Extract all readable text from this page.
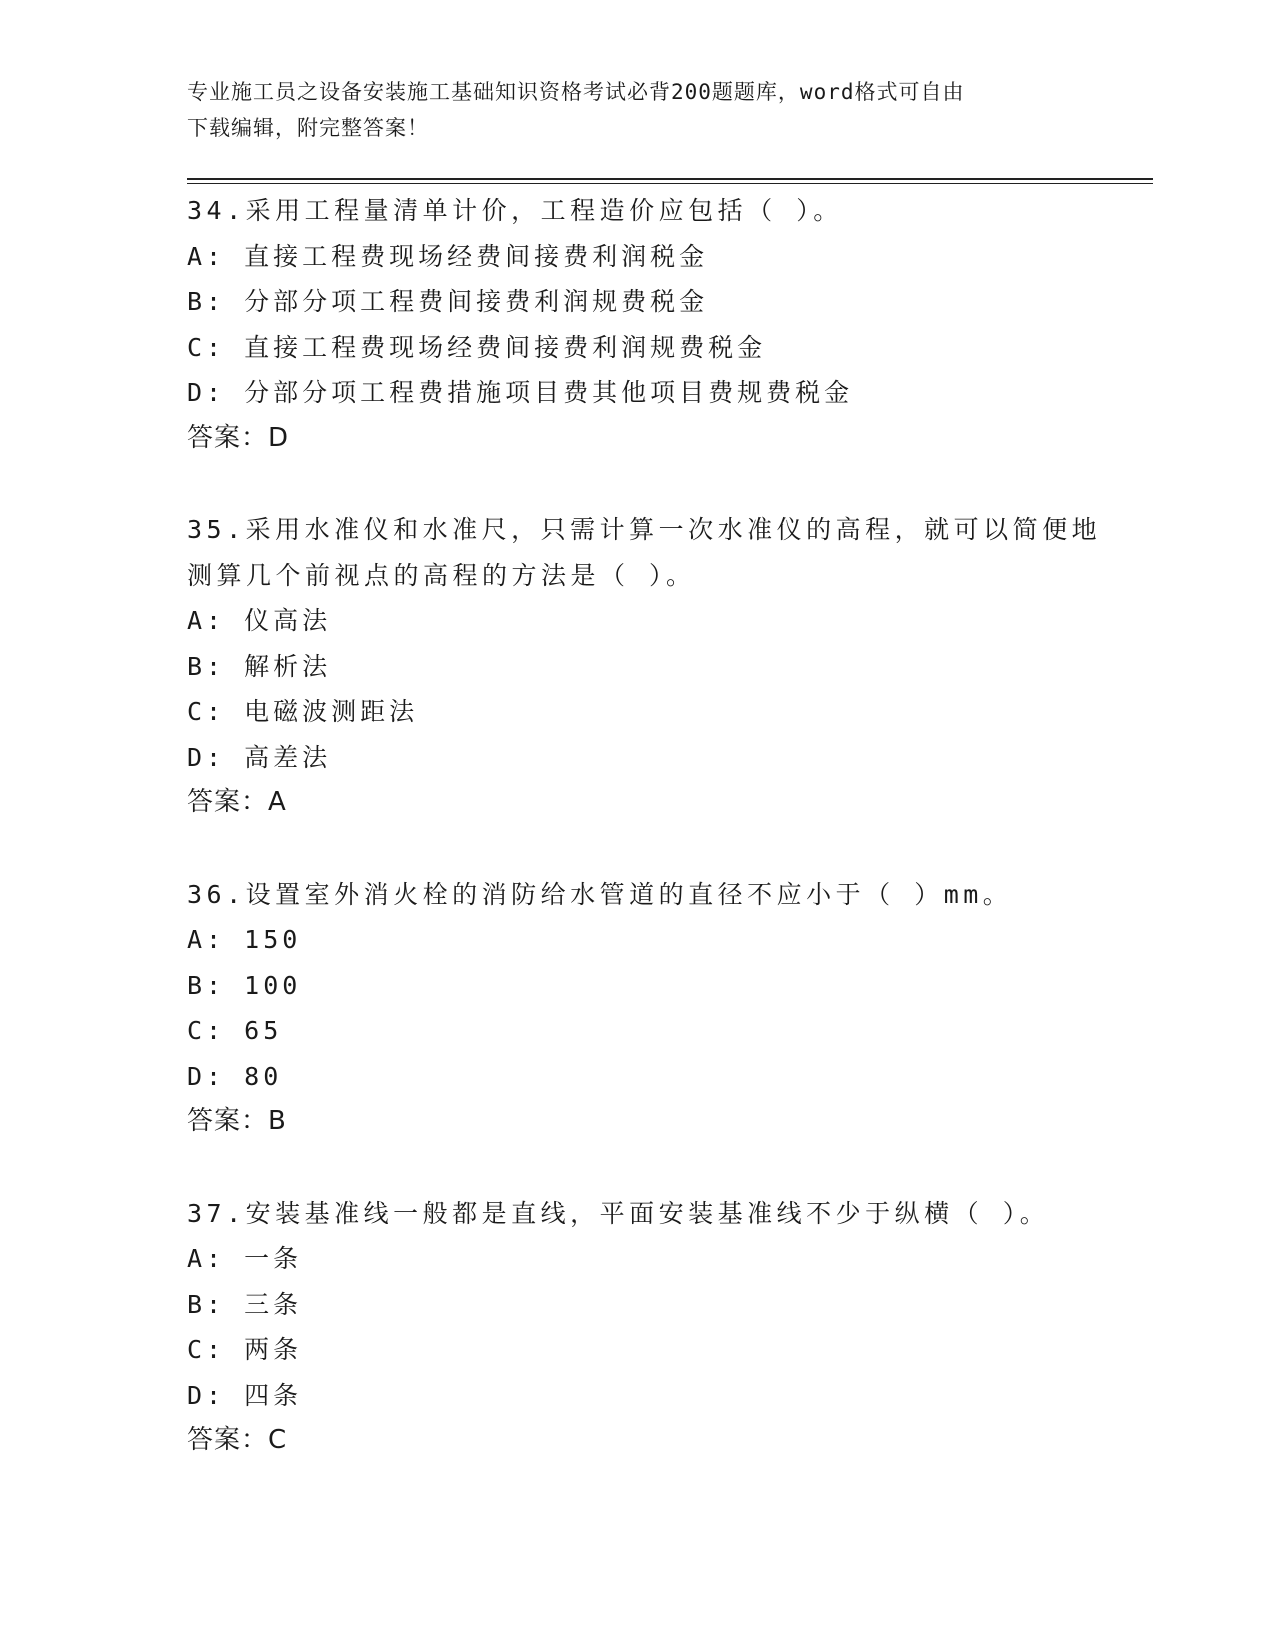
专业施工员之设备安装施工基础知识资格考试必背200题题库，word格式可自由
下载编辑，附完整答案！
34.采用工程量清单计价，工程造价应包括（ ）。
A: 直接工程费现场经费间接费利润税金
B: 分部分项工程费间接费利润规费税金
C: 直接工程费现场经费间接费利润规费税金
D: 分部分项工程费措施项目费其他项目费规费税金
答案：D
35.采用水准仪和水准尺，只需计算一次水准仪的高程，就可以简便地
测算几个前视点的高程的方法是（ ）。
A: 仪高法
B: 解析法
C: 电磁波测距法
D: 高差法
答案：A
36.设置室外消火栓的消防给水管道的直径不应小于（ ）mm。
A: 150
B: 100
C: 65
D: 80
答案：B
37.安装基准线一般都是直线，平面安装基准线不少于纵横（ ）。
A: 一条
B: 三条
C: 两条
D: 四条
答案：C
